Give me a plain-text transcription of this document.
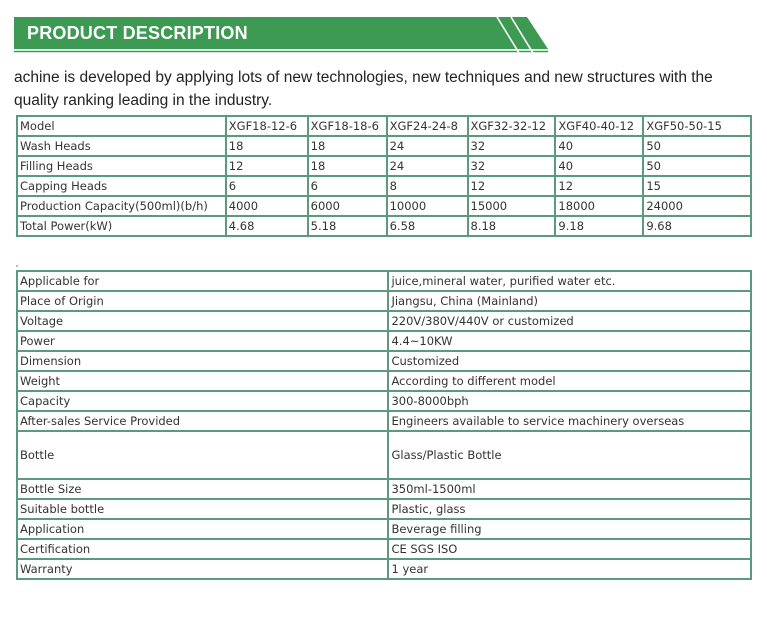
PRODUCT DESCRIPTION
achine is developed by applying lots of new technologies, new techniques and new structures with the quality ranking leading in the industry.
Model	XGF18-12-6	XGF18-18-6	XGF24-24-8	XGF32-32-12	XGF40-40-12	XGF50-50-15
Wash Heads	18	18	24	32	40	50
Filling Heads	12	18	24	32	40	50
Capping Heads	6	6	8	12	12	15
Production Capacity(500ml)(b/h)	4000	6000	10000	15000	18000	24000
Total Power(kW)	4.68	5.18	6.58	8.18	9.18	9.68
Applicable for	juice,mineral water, purified water etc.
Place of Origin	Jiangsu, China (Mainland)
Voltage	220V/380V/440V or customized
Power	4.4~10KW
Dimension	Customized
Weight	According to different model
Capacity	300-8000bph
After-sales Service Provided	Engineers available to service machinery overseas
Bottle	Glass/Plastic Bottle
Bottle Size	350ml-1500ml
Suitable bottle	Plastic, glass
Application	Beverage filling
Certification	CE SGS ISO
Warranty	1 year
